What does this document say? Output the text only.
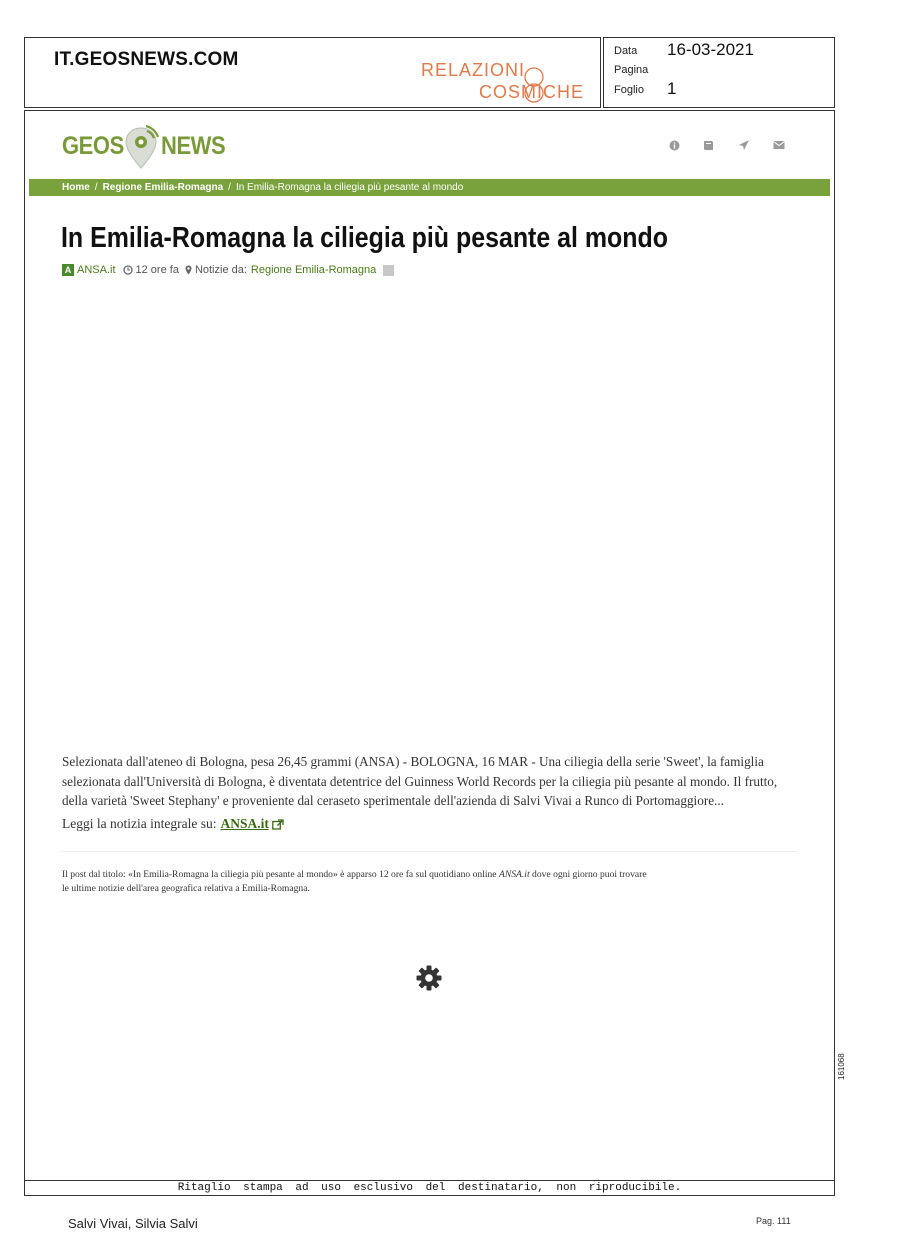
IT.GEOSNEWS.COM	RELAZIONI
COSMICHE
Data 16-03-2021
Pagina
Foglio 1
GEOS NEWS
Home / Regione Emilia-Romagna / In Emilia-Romagna la ciliegia più pesante al mondo
In Emilia-Romagna la ciliegia più pesante al mondo
A ANSA.it 12 ore fa Notizie da: Regione Emilia-Romagna
Selezionata dall'ateneo di Bologna, pesa 26,45 grammi (ANSA) - BOLOGNA, 16 MAR - Una ciliegia della serie 'Sweet', la famiglia
selezionata dall'Università di Bologna, è diventata detentrice del Guinness World Records per la ciliegia più pesante al mondo. Il frutto,
della varietà 'Sweet Stephany' e proveniente dal ceraseto sperimentale dell'azienda di Salvi Vivai a Runco di Portomaggiore...
Leggi la notizia integrale su: ANSA.it
Il post dal titolo: «In Emilia-Romagna la ciliegia più pesante al mondo» è apparso 12 ore fa sul quotidiano online ANSA.it dove ogni giorno puoi trovare
le ultime notizie dell'area geografica relativa a Emilia-Romagna.
Ritaglio stampa ad uso esclusivo del destinatario, non riproducibile.
161068
Salvi Vivai, Silvia Salvi	Pag. 111
